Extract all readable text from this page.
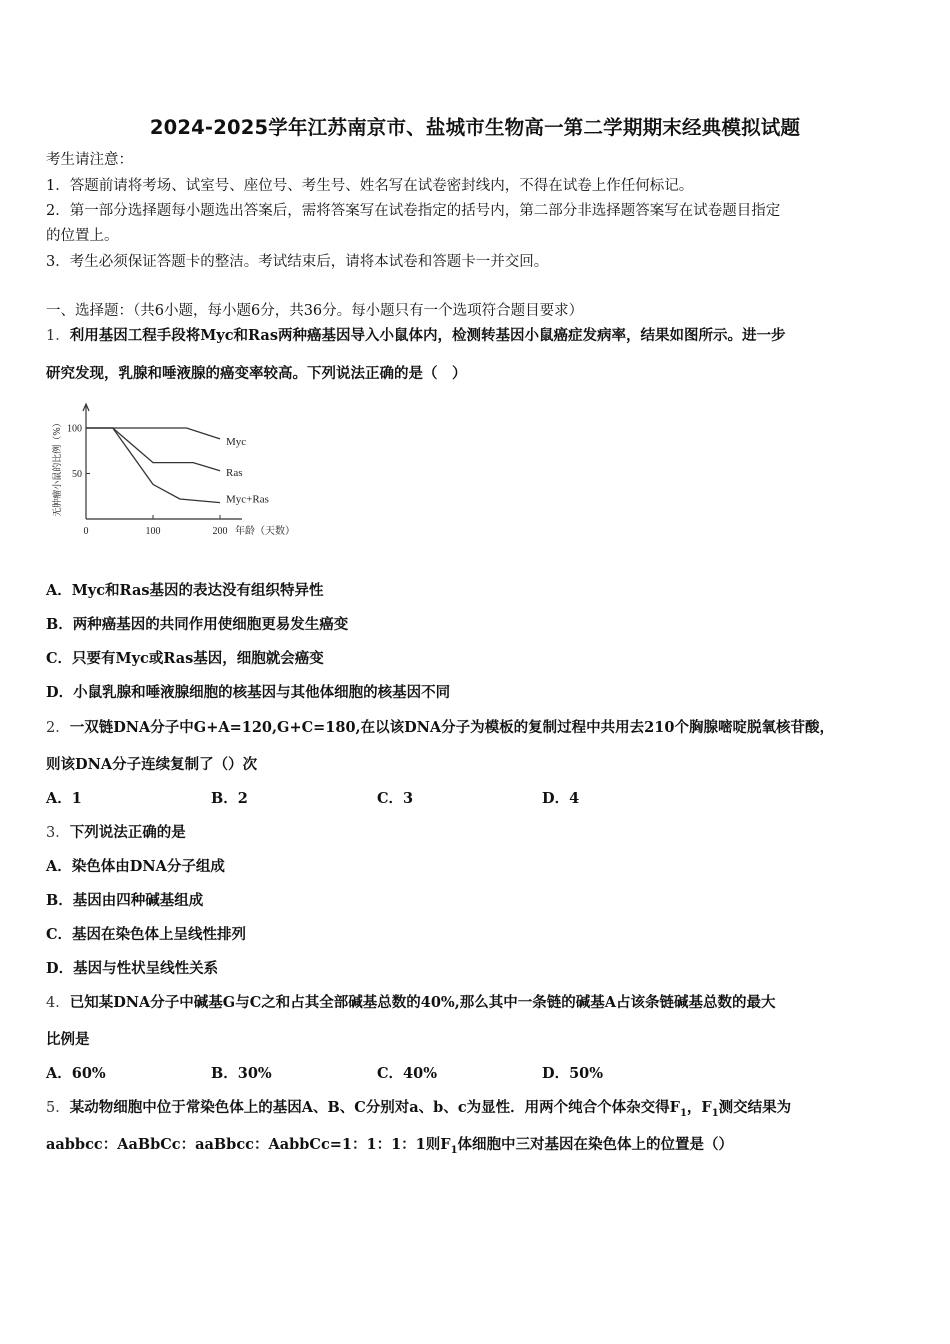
2024-2025学年江苏南京市、盐城市生物高一第二学期期末经典模拟试题
考生请注意：
1．答题前请将考场、试室号、座位号、考生号、姓名写在试卷密封线内，不得在试卷上作任何标记。
2．第一部分选择题每小题选出答案后，需将答案写在试卷指定的括号内，第二部分非选择题答案写在试卷题目指定
的位置上。
3．考生必须保证答题卡的整洁。考试结束后，请将本试卷和答题卡一并交回。
一、选择题：（共6小题，每小题6分，共36分。每小题只有一个选项符合题目要求）
1．利用基因工程手段将Myc和Ras两种癌基因导入小鼠体内，检测转基因小鼠癌症发病率，结果如图所示。进一步
研究发现，乳腺和唾液腺的癌变率较高。下列说法正确的是（　）
100
50
0	100	200 年龄（天数）
无肿瘤小鼠的比例（%）	Myc
Ras
Myc+Ras
A．Myc和Ras基因的表达没有组织特异性
B．两种癌基因的共同作用使细胞更易发生癌变
C．只要有Myc或Ras基因，细胞就会癌变
D．小鼠乳腺和唾液腺细胞的核基因与其他体细胞的核基因不同
2．一双链DNA分子中G+A=120,G+C=180,在以该DNA分子为模板的复制过程中共用去210个胸腺嘧啶脱氧核苷酸，
则该DNA分子连续复制了（）次
A．1	B．2	C．3	D．4
3．下列说法正确的是
A．染色体由DNA分子组成
B．基因由四种碱基组成
C．基因在染色体上呈线性排列
D．基因与性状呈线性关系
4．已知某DNA分子中碱基G与C之和占其全部碱基总数的40%,那么其中一条链的碱基A占该条链碱基总数的最大
比例是
A．60%	B．30%	C．40%	D．50%
5．某动物细胞中位于常染色体上的基因A、B、C分别对a、b、c为显性．用两个纯合个体杂交得$F_1$，$F_1$测交结果为
aabbcc：AaBbCc：aaBbcc：AabbCc=1：1：1：1则$F_1$体细胞中三对基因在染色体上的位置是（）
